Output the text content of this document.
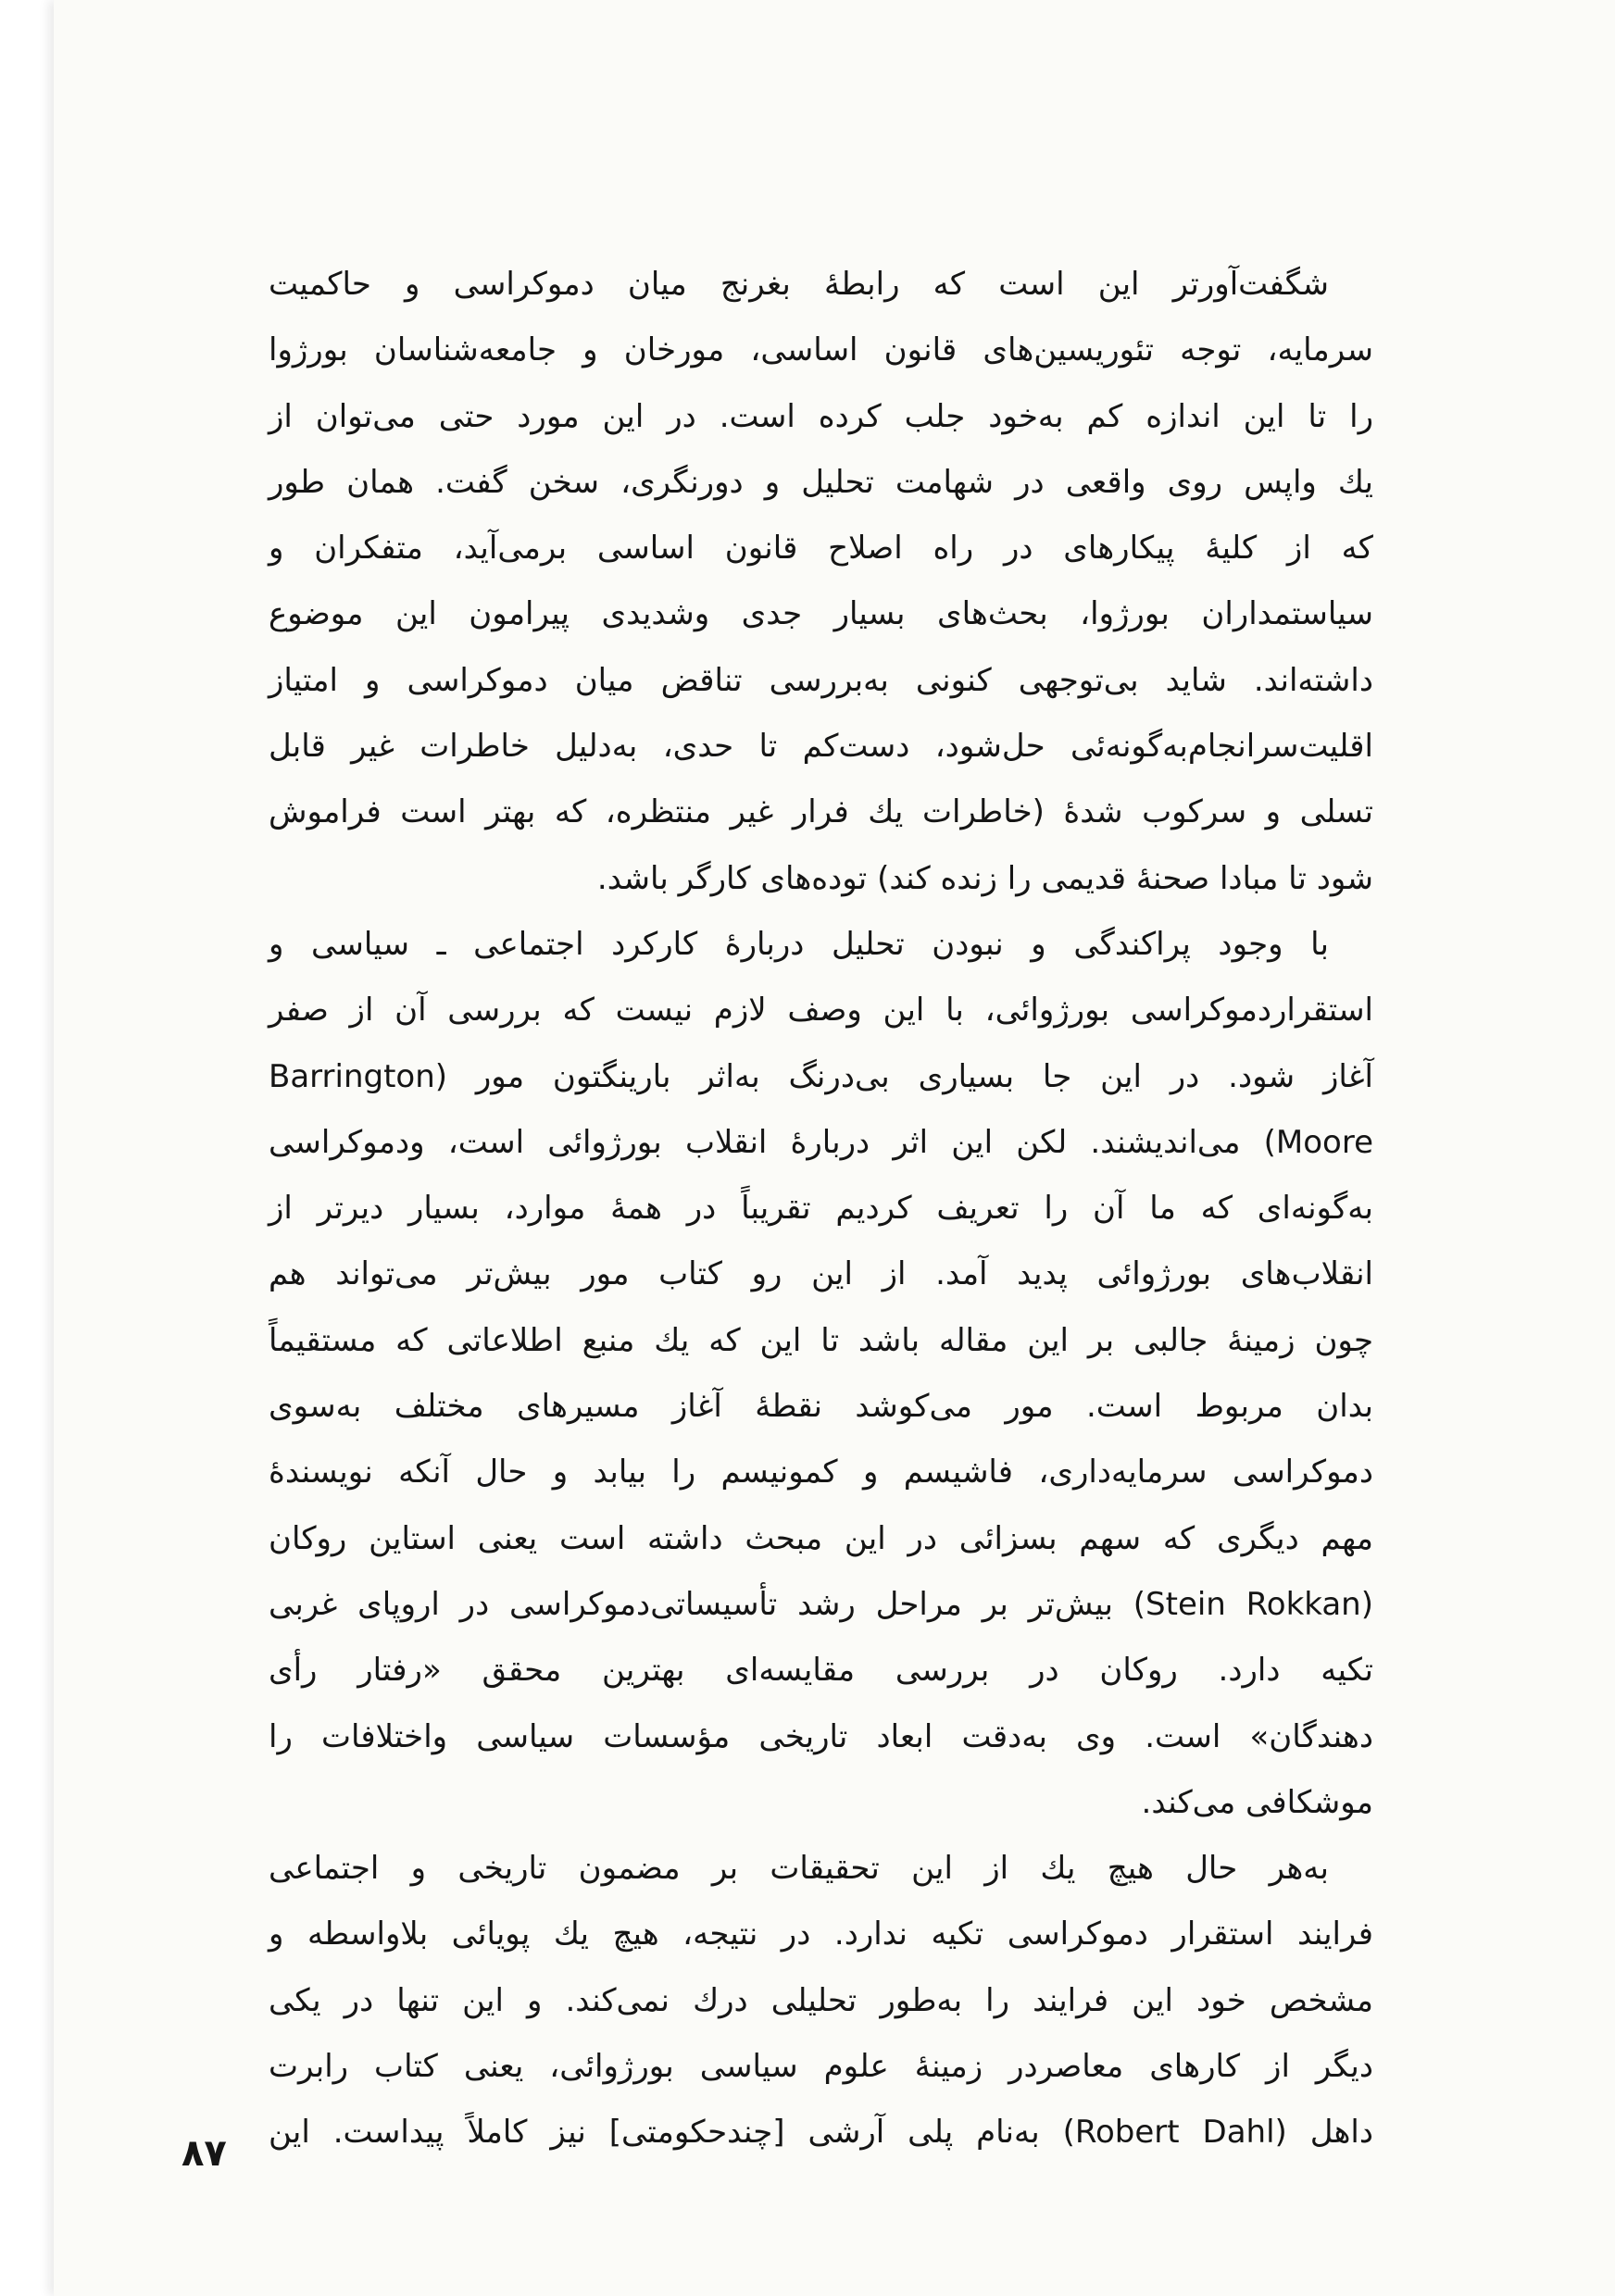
شگفت‌آورتر این است که رابطهٔ بغرنج میان دموکراسی و حاکمیت
سرمایه، توجه تئوریسین‌های قانون اساسی، مورخان و جامعه‌شناسان بورژوا
را تا این اندازه کم به‌خود جلب کرده است. در این مورد حتی می‌توان از
یك واپس روی واقعی در شهامت تحلیل و دورنگری، سخن گفت. همان طور
که از کلیهٔ پیکارهای در راه اصلاح قانون اساسی برمی‌آید، متفکران و
سیاستمداران بورژوا، بحث‌های بسیار جدی وشدیدی پیرامون این موضوع
داشته‌اند. شاید بی‌توجهی کنونی به‌بررسی تناقض میان دموکراسی و امتیاز
اقلیت‌سرانجام‌به‌گونه‌ئی حل‌شود، دست‌کم تا حدی، به‌دلیل خاطرات غیر قابل
تسلی و سرکوب شدهٔ (خاطرات یك فرار غیر منتظره، که بهتر است فراموش
شود تا مبادا صحنهٔ قدیمی را زنده کند) توده‌های کارگر باشد.
با وجود پراکندگی و نبودن تحلیل دربارهٔ کارکرد اجتماعی ـ سیاسی و
استقراردموکراسی بورژوائی، با این وصف لازم نیست که بررسی آن از صفر
آغاز شود. در این جا بسیاری بی‌درنگ به‌اثر بارینگتون مور (Barrington
Moore) می‌اندیشند. لکن این اثر دربارهٔ انقلاب بورژوائی است، ودموکراسی
به‌گونه‌ای که ما آن را تعریف کردیم تقریباً در همهٔ موارد، بسیار دیرتر از
انقلاب‌های بورژوائی پدید آمد. از این رو کتاب مور بیش‌تر می‌تواند هم
چون زمینهٔ جالبی بر این مقاله باشد تا این که یك منبع اطلاعاتی که مستقیماً
بدان مربوط است. مور می‌کوشد نقطهٔ آغاز مسیرهای مختلف به‌سوی
دموکراسی سرمایه‌داری، فاشیسم و کمونیسم را بیابد و حال آنکه نویسندهٔ
مهم دیگری که سهم بسزائی در این مبحث داشته است یعنی استاین روکان
(Stein Rokkan) بیش‌تر بر مراحل رشد تأسیساتی‌دموکراسی در اروپای غربی
تکیه دارد. روکان در بررسی مقایسه‌ای بهترین محقق «رفتار رأی
دهندگان» است. وی به‌دقت ابعاد تاریخی مؤسسات سیاسی واختلافات را
موشکافی می‌کند.
به‌هر حال هیچ یك از این تحقیقات بر مضمون تاریخی و اجتماعی
فرایند استقرار دموکراسی تکیه ندارد. در نتیجه، هیچ یك پویائی بلاواسطه و
مشخص خود این فرایند را به‌طور تحلیلی درك نمی‌کند. و این تنها در یکی
دیگر از کارهای معاصردر زمینهٔ علوم سیاسی بورژوائی، یعنی کتاب رابرت
داهل (Robert Dahl) به‌نام پلی آرشی [چندحکومتی] نیز کاملاً پیداست. این
۸۷
